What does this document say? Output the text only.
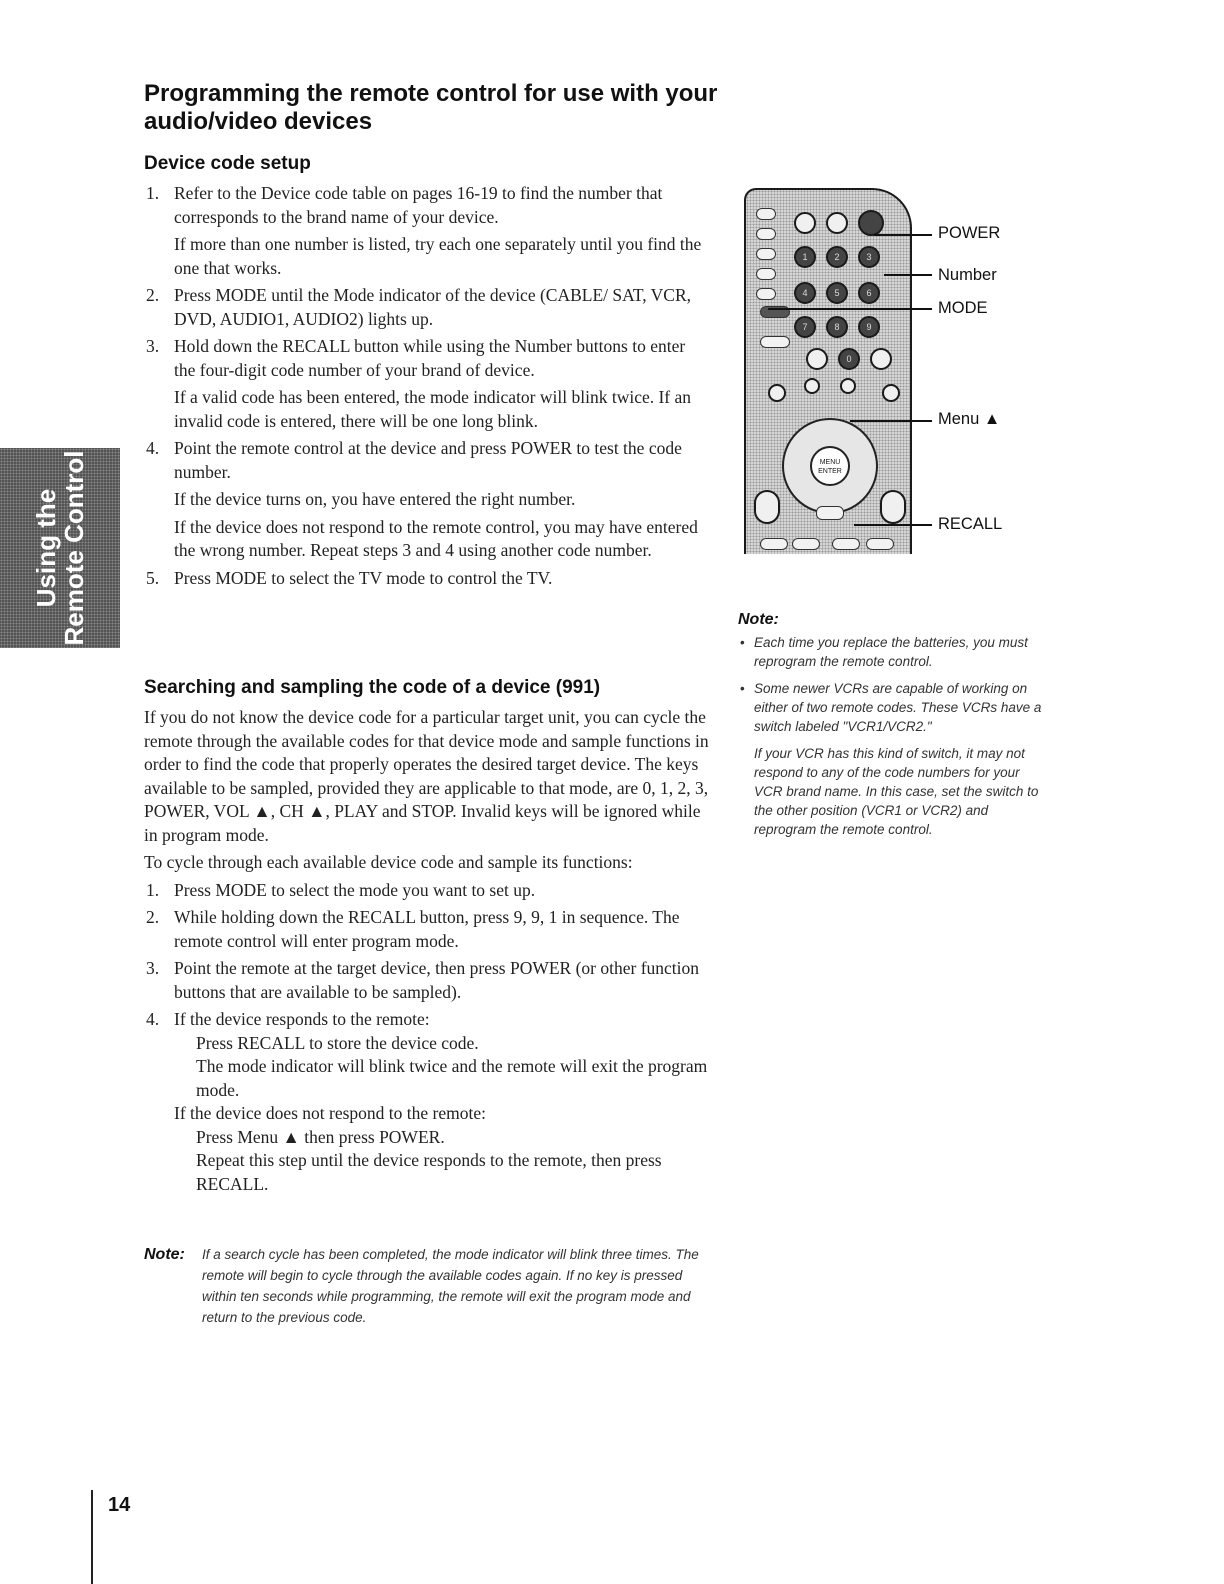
Using the
Remote Control
Programming the remote control for use with your audio/video devices
Device code setup
1. Refer to the Device code table on pages 16-19 to find the number that corresponds to the brand name of your device.

If more than one number is listed, try each one separately until you find the one that works.

2. Press MODE until the Mode indicator of the device (CABLE/ SAT, VCR, DVD, AUDIO1, AUDIO2) lights up.

3. Hold down the RECALL button while using the Number buttons to enter the four-digit code number of your brand of device.

If a valid code has been entered, the mode indicator will blink twice. If an invalid code is entered, there will be one long blink.

4. Point the remote control at the device and press POWER to test the code number.

If the device turns on, you have entered the right number.

If the device does not respond to the remote control, you may have entered the wrong number. Repeat steps 3 and 4 using another code number.

5. Press MODE to select the TV mode to control the TV.

Searching and sampling the code of a device (991)

If you do not know the device code for a particular target unit, you can cycle the remote through the available codes for that device mode and sample functions in order to find the code that properly operates the desired target device. The keys available to be sampled, provided they are applicable to that mode, are 0, 1, 2, 3, POWER, VOL ▲, CH ▲, PLAY and STOP. Invalid keys will be ignored while in program mode.

To cycle through each available device code and sample its functions:

1. Press MODE to select the mode you want to set up.

2. While holding down the RECALL button, press 9, 9, 1 in sequence. The remote control will enter program mode.

3. Point the remote at the target device, then press POWER (or other function buttons that are available to be sampled).

4. If the device responds to the remote:

Press RECALL to store the device code.

The mode indicator will blink twice and the remote will exit the program mode.

If the device does not respond to the remote:

Press Menu ▲ then press POWER.

Repeat this step until the device responds to the remote, then press RECALL.

1	2	3
4	5	6
7	8	9
0
MENU
ENTER
POWER
Number
MODE
Menu ▲
RECALL
Note:
• Each time you replace the batteries, you must reprogram the remote control.

• Some newer VCRs are capable of working on either of two remote codes. These VCRs have a switch labeled "VCR1/VCR2."

If your VCR has this kind of switch, it may not respond to any of the code numbers for your VCR brand name. In this case, set the switch to the other position (VCR1 or VCR2) and reprogram the remote control.

Note:	If a search cycle has been completed, the mode indicator will blink three times. The remote will begin to cycle through the available codes again. If no key is pressed within ten seconds while programming, the remote will exit the program mode and return to the previous code.
14
